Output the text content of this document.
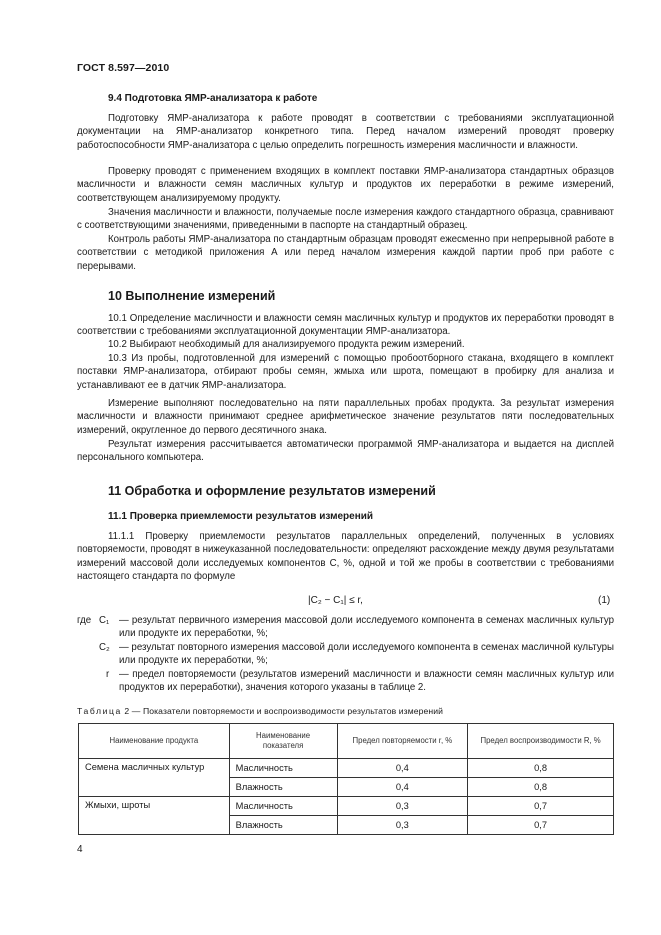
ГОСТ 8.597—2010
9.4 Подготовка ЯМР-анализатора к работе
Подготовку ЯМР-анализатора к работе проводят в соответствии с требованиями эксплуатационной документации на ЯМР-анализатор конкретного типа. Перед началом измерений проводят проверку работоспособности ЯМР-анализатора с целью определить погрешность измерения масличности и влажности.
Проверку проводят с применением входящих в комплект поставки ЯМР-анализатора стандартных образцов масличности и влажности семян масличных культур и продуктов их переработки в режиме измерений, соответствующем анализируемому продукту.
Значения масличности и влажности, получаемые после измерения каждого стандартного образца, сравнивают с соответствующими значениями, приведенными в паспорте на стандартный образец.
Контроль работы ЯМР-анализатора по стандартным образцам проводят ежесменно при непрерывной работе в соответствии с методикой приложения А или перед началом измерения каждой партии проб при работе с перерывами.
10 Выполнение измерений
10.1 Определение масличности и влажности семян масличных культур и продуктов их переработки проводят в соответствии с требованиями эксплуатационной документации ЯМР-анализатора.
10.2 Выбирают необходимый для анализируемого продукта режим измерений.
10.3 Из пробы, подготовленной для измерений с помощью пробоотборного стакана, входящего в комплект поставки ЯМР-анализатора, отбирают пробы семян, жмыха или шрота, помещают в пробирку для анализа и устанавливают ее в датчик ЯМР-анализатора.
Измерение выполняют последовательно на пяти параллельных пробах продукта. За результат измерения масличности и влажности принимают среднее арифметическое значение результатов пяти последовательных измерений, округленное до первого десятичного знака.
Результат измерения рассчитывается автоматически программой ЯМР-анализатора и выдается на дисплей персонального компьютера.
11 Обработка и оформление результатов измерений
11.1 Проверка приемлемости результатов измерений
11.1.1 Проверку приемлемости результатов параллельных определений, полученных в условиях повторяемости, проводят в нижеуказанной последовательности: определяют расхождение между двумя результатами измерений массовой доли исследуемых компонентов C, %, одной и той же пробы в соответствии с требованиями настоящего стандарта по формуле
|C₂ − C₁| ≤ r,	(1)
где C₁	— результат первичного измерения массовой доли исследуемого компонента в семенах масличных культур или продукте их переработки, %;
C₂ — результат повторного измерения массовой доли исследуемого компонента в семенах масличной культуры или продукте их переработки, %;
r	— предел повторяемости (результатов измерений масличности и влажности семян масличных культур или продуктов их переработки), значения которого указаны в таблице 2.
Таблица 2 — Показатели повторяемости и воспроизводимости результатов измерений
Наименование продукта	Наименование показателя	Предел повторяемости r, %	Предел воспроизводимости R, %
Семена масличных культур	Масличность	0,4	0,8
	Влажность	0,4	0,8
Жмыхи, шроты	Масличность	0,3	0,7
	Влажность	0,3	0,7
4
